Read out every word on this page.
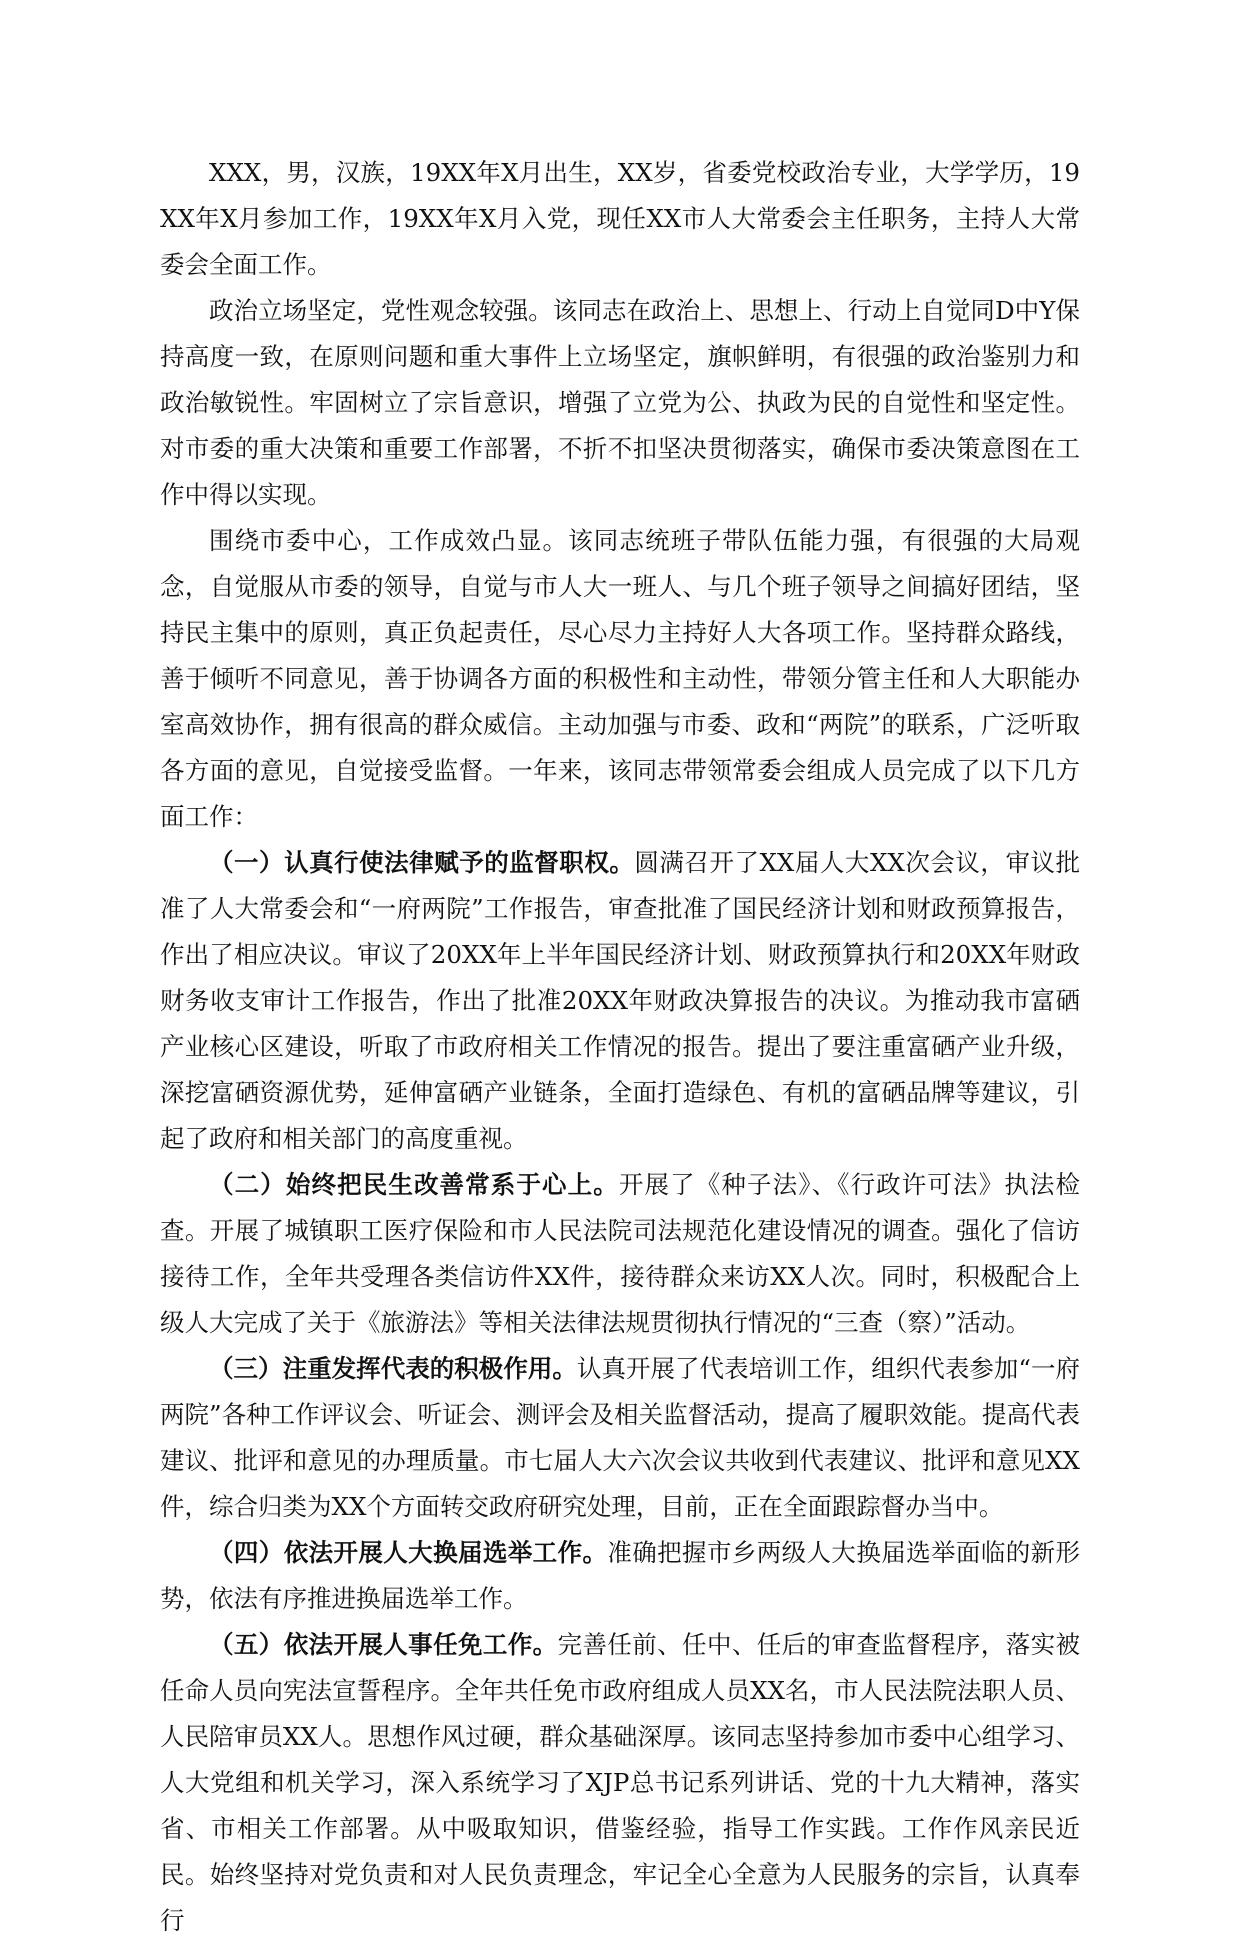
XXX，男，汉族，19XX年X月出生，XX岁，省委党校政治专业，大学学历，19XX年X月参加工作，19XX年X月入党，现任XX市人大常委会主任职务，主持人大常委会全面工作。

政治立场坚定，党性观念较强。该同志在政治上、思想上、行动上自觉同D中Y保持高度一致，在原则问题和重大事件上立场坚定，旗帜鲜明，有很强的政治鉴别力和政治敏锐性。牢固树立了宗旨意识，增强了立党为公、执政为民的自觉性和坚定性。对市委的重大决策和重要工作部署，不折不扣坚决贯彻落实，确保市委决策意图在工作中得以实现。

围绕市委中心，工作成效凸显。该同志统班子带队伍能力强，有很强的大局观念，自觉服从市委的领导，自觉与市人大一班人、与几个班子领导之间搞好团结，坚持民主集中的原则，真正负起责任，尽心尽力主持好人大各项工作。坚持群众路线，善于倾听不同意见，善于协调各方面的积极性和主动性，带领分管主任和人大职能办室高效协作，拥有很高的群众威信。主动加强与市委、政和“两院”的联系，广泛听取各方面的意见，自觉接受监督。一年来，该同志带领常委会组成人员完成了以下几方面工作：

（一）认真行使法律赋予的监督职权。圆满召开了XX届人大XX次会议，审议批准了人大常委会和“一府两院”工作报告，审查批准了国民经济计划和财政预算报告，作出了相应决议。审议了20XX年上半年国民经济计划、财政预算执行和20XX年财政财务收支审计工作报告，作出了批准20XX年财政决算报告的决议。为推动我市富硒产业核心区建设，听取了市政府相关工作情况的报告。提出了要注重富硒产业升级，深挖富硒资源优势，延伸富硒产业链条，全面打造绿色、有机的富硒品牌等建议，引起了政府和相关部门的高度重视。

（二）始终把民生改善常系于心上。开展了《种子法》、《行政许可法》执法检查。开展了城镇职工医疗保险和市人民法院司法规范化建设情况的调查。强化了信访接待工作，全年共受理各类信访件XX件，接待群众来访XX人次。同时，积极配合上级人大完成了关于《旅游法》等相关法律法规贯彻执行情况的“三查（察）”活动。

（三）注重发挥代表的积极作用。认真开展了代表培训工作，组织代表参加“一府两院”各种工作评议会、听证会、测评会及相关监督活动，提高了履职效能。提高代表建议、批评和意见的办理质量。市七届人大六次会议共收到代表建议、批评和意见XX件，综合归类为XX个方面转交政府研究处理，目前，正在全面跟踪督办当中。

（四）依法开展人大换届选举工作。准确把握市乡两级人大换届选举面临的新形势，依法有序推进换届选举工作。

（五）依法开展人事任免工作。完善任前、任中、任后的审查监督程序，落实被任命人员向宪法宣誓程序。全年共任免市政府组成人员XX名，市人民法院法职人员、人民陪审员XX人。思想作风过硬，群众基础深厚。该同志坚持参加市委中心组学习、人大党组和机关学习，深入系统学习了XJP总书记系列讲话、党的十九大精神，落实省、市相关工作部署。从中吸取知识，借鉴经验，指导工作实践。工作作风亲民近民。始终坚持对党负责和对人民负责理念，牢记全心全意为人民服务的宗旨，认真奉行
